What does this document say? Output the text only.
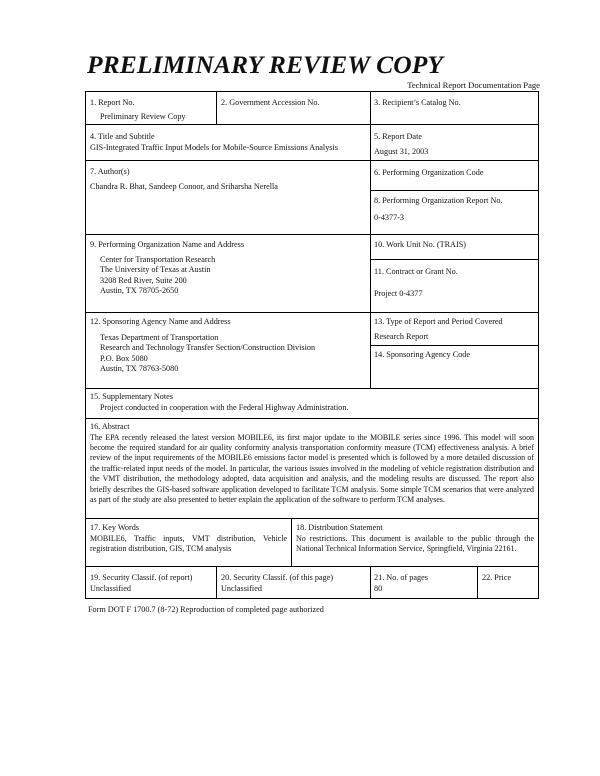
PRELIMINARY REVIEW COPY
Technical Report Documentation Page
1. Report No.
Preliminary Review Copy
2. Government Accession No.	3. Recipient’s Catalog No.
4. Title and Subtitle
GIS-Integrated Traffic Input Models for Mobile-Source Emissions Analysis
5. Report Date
August 31, 2003
7. Author(s)
Chandra R. Bhat, Sandeep Conoor, and Sriharsha Nerella
6. Performing Organization Code
8. Performing Organization Report No.
0-4377-3
9. Performing Organization Name and Address
Center for Transportation Research
The University of Texas at Austin
3208 Red River, Suite 200
Austin, TX 78705-2650
10. Work Unit No. (TRAIS)
11. Contract or Grant No.
Project 0-4377
12. Sponsoring Agency Name and Address
Texas Department of Transportation
Research and Technology Transfer Section/Construction Division
P.O. Box 5080
Austin, TX 78763-5080
13. Type of Report and Period Covered
Research Report
14. Sponsoring Agency Code
15. Supplementary Notes
Project conducted in cooperation with the Federal Highway Administration.
16. Abstract
The EPA recently released the latest version MOBILE6, its first major update to the MOBILE series since 1996. This model will soon become the required standard for air quality conformity analysis transportation conformity measure (TCM) effectiveness analysis. A brief review of the input requirements of the MOBILE6 emissions factor model is presented which is followed by a more detailed discussion of the traffic-related input needs of the model. In particular, the various issues involved in the modeling of vehicle registration distribution and the VMT distribution, the methodology adopted, data acquisition and analysis, and the modeling results are discussed. The report also briefly describes the GIS-based software application developed to facilitate TCM analysis. Some simple TCM scenarios that were analyzed as part of the study are also presented to better explain the application of the software to perform TCM analyses.
17. Key Words
MOBILE6, Traffic inputs, VMT distribution, Vehicle registration distribution, GIS, TCM analysis
18. Distribution Statement
No restrictions. This document is available to the public through the National Technical Information Service, Springfield, Virginia 22161.
19. Security Classif. (of report)
Unclassified
20. Security Classif. (of this page)
Unclassified
21. No. of pages
80
22. Price
Form DOT F 1700.7 (8-72) Reproduction of completed page authorized
